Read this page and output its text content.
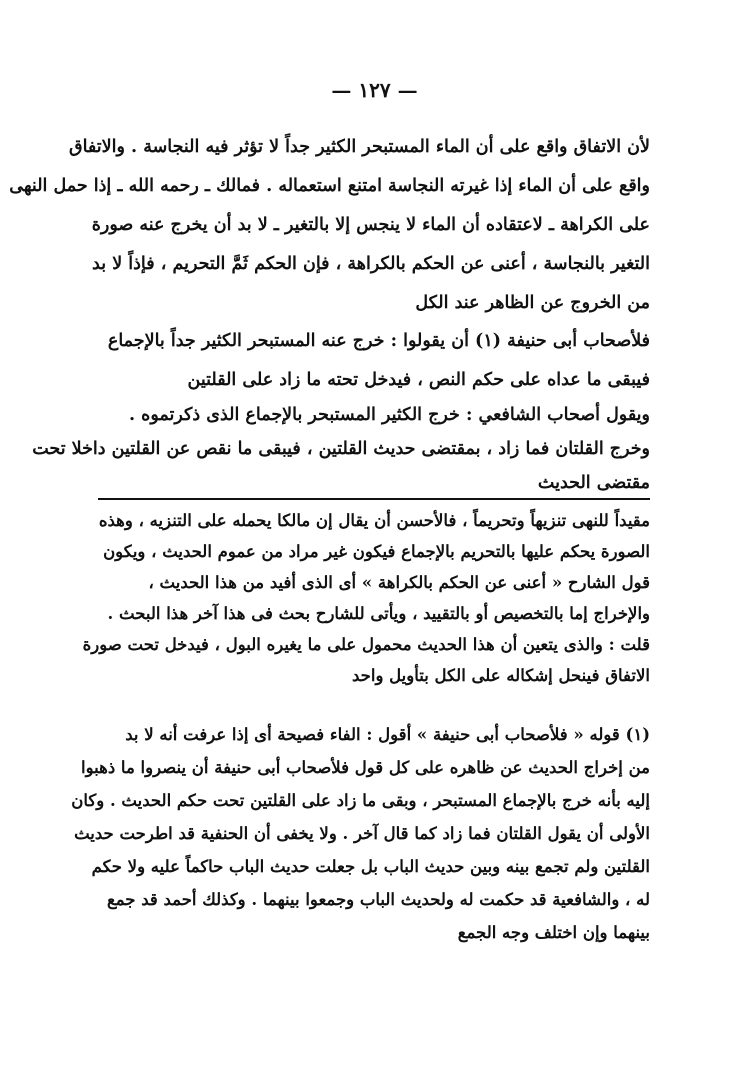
— ١٢٧ —
لأن الاتفاق واقع على أن الماء المستبحر الكثير جداً لا تؤثر فيه النجاسة . والاتفاق
واقع على أن الماء إذا غيرته النجاسة امتنع استعماله . فمالك ـ رحمه الله ـ إذا حمل النهى
على الكراهة ـ لاعتقاده أن الماء لا ينجس إلا بالتغير ـ لا بد أن يخرج عنه صورة
التغير بالنجاسة ، أعنى عن الحكم بالكراهة ، فإن الحكم ثَمَّ التحريم ، فإذاً لا بد
من الخروج عن الظاهر عند الكل
فلأصحاب أبى حنيفة (١) أن يقولوا : خرج عنه المستبحر الكثير جداً بالإجماع
فيبقى ما عداه على حكم النص ، فيدخل تحته ما زاد على القلتين
ويقول أصحاب الشافعي : خرج الكثير المستبحر بالإجماع الذى ذكرتموه .
وخرج القلتان فما زاد ، بمقتضى حديث القلتين ، فيبقى ما نقص عن القلتين داخلا تحت
مقتضى الحديث
مقيداً للنهى تنزيهاً وتحريماً ، فالأحسن أن يقال إن مالكا يحمله على التنزيه ، وهذه
الصورة يحكم عليها بالتحريم بالإجماع فيكون غير مراد من عموم الحديث ، ويكون
قول الشارح « أعنى عن الحكم بالكراهة » أى الذى أفيد من هذا الحديث ،
والإخراج إما بالتخصيص أو بالتقييد ، ويأتى للشارح بحث فى هذا آخر هذا البحث .
قلت : والذى يتعين أن هذا الحديث محمول على ما يغيره البول ، فيدخل تحت صورة
الاتفاق فينحل إشكاله على الكل بتأويل واحد
(١) قوله « فلأصحاب أبى حنيفة » أقول : الفاء فصيحة أى إذا عرفت أنه لا بد
من إخراج الحديث عن ظاهره على كل قول فلأصحاب أبى حنيفة أن ينصروا ما ذهبوا
إليه بأنه خرج بالإجماع المستبحر ، وبقى ما زاد على القلتين تحت حكم الحديث . وكان
الأولى أن يقول القلتان فما زاد كما قال آخر . ولا يخفى أن الحنفية قد اطرحت حديث
القلتين ولم تجمع بينه وبين حديث الباب بل جعلت حديث الباب حاكماً عليه ولا حكم
له ، والشافعية قد حكمت له ولحديث الباب وجمعوا بينهما . وكذلك أحمد قد جمع
بينهما وإن اختلف وجه الجمع
